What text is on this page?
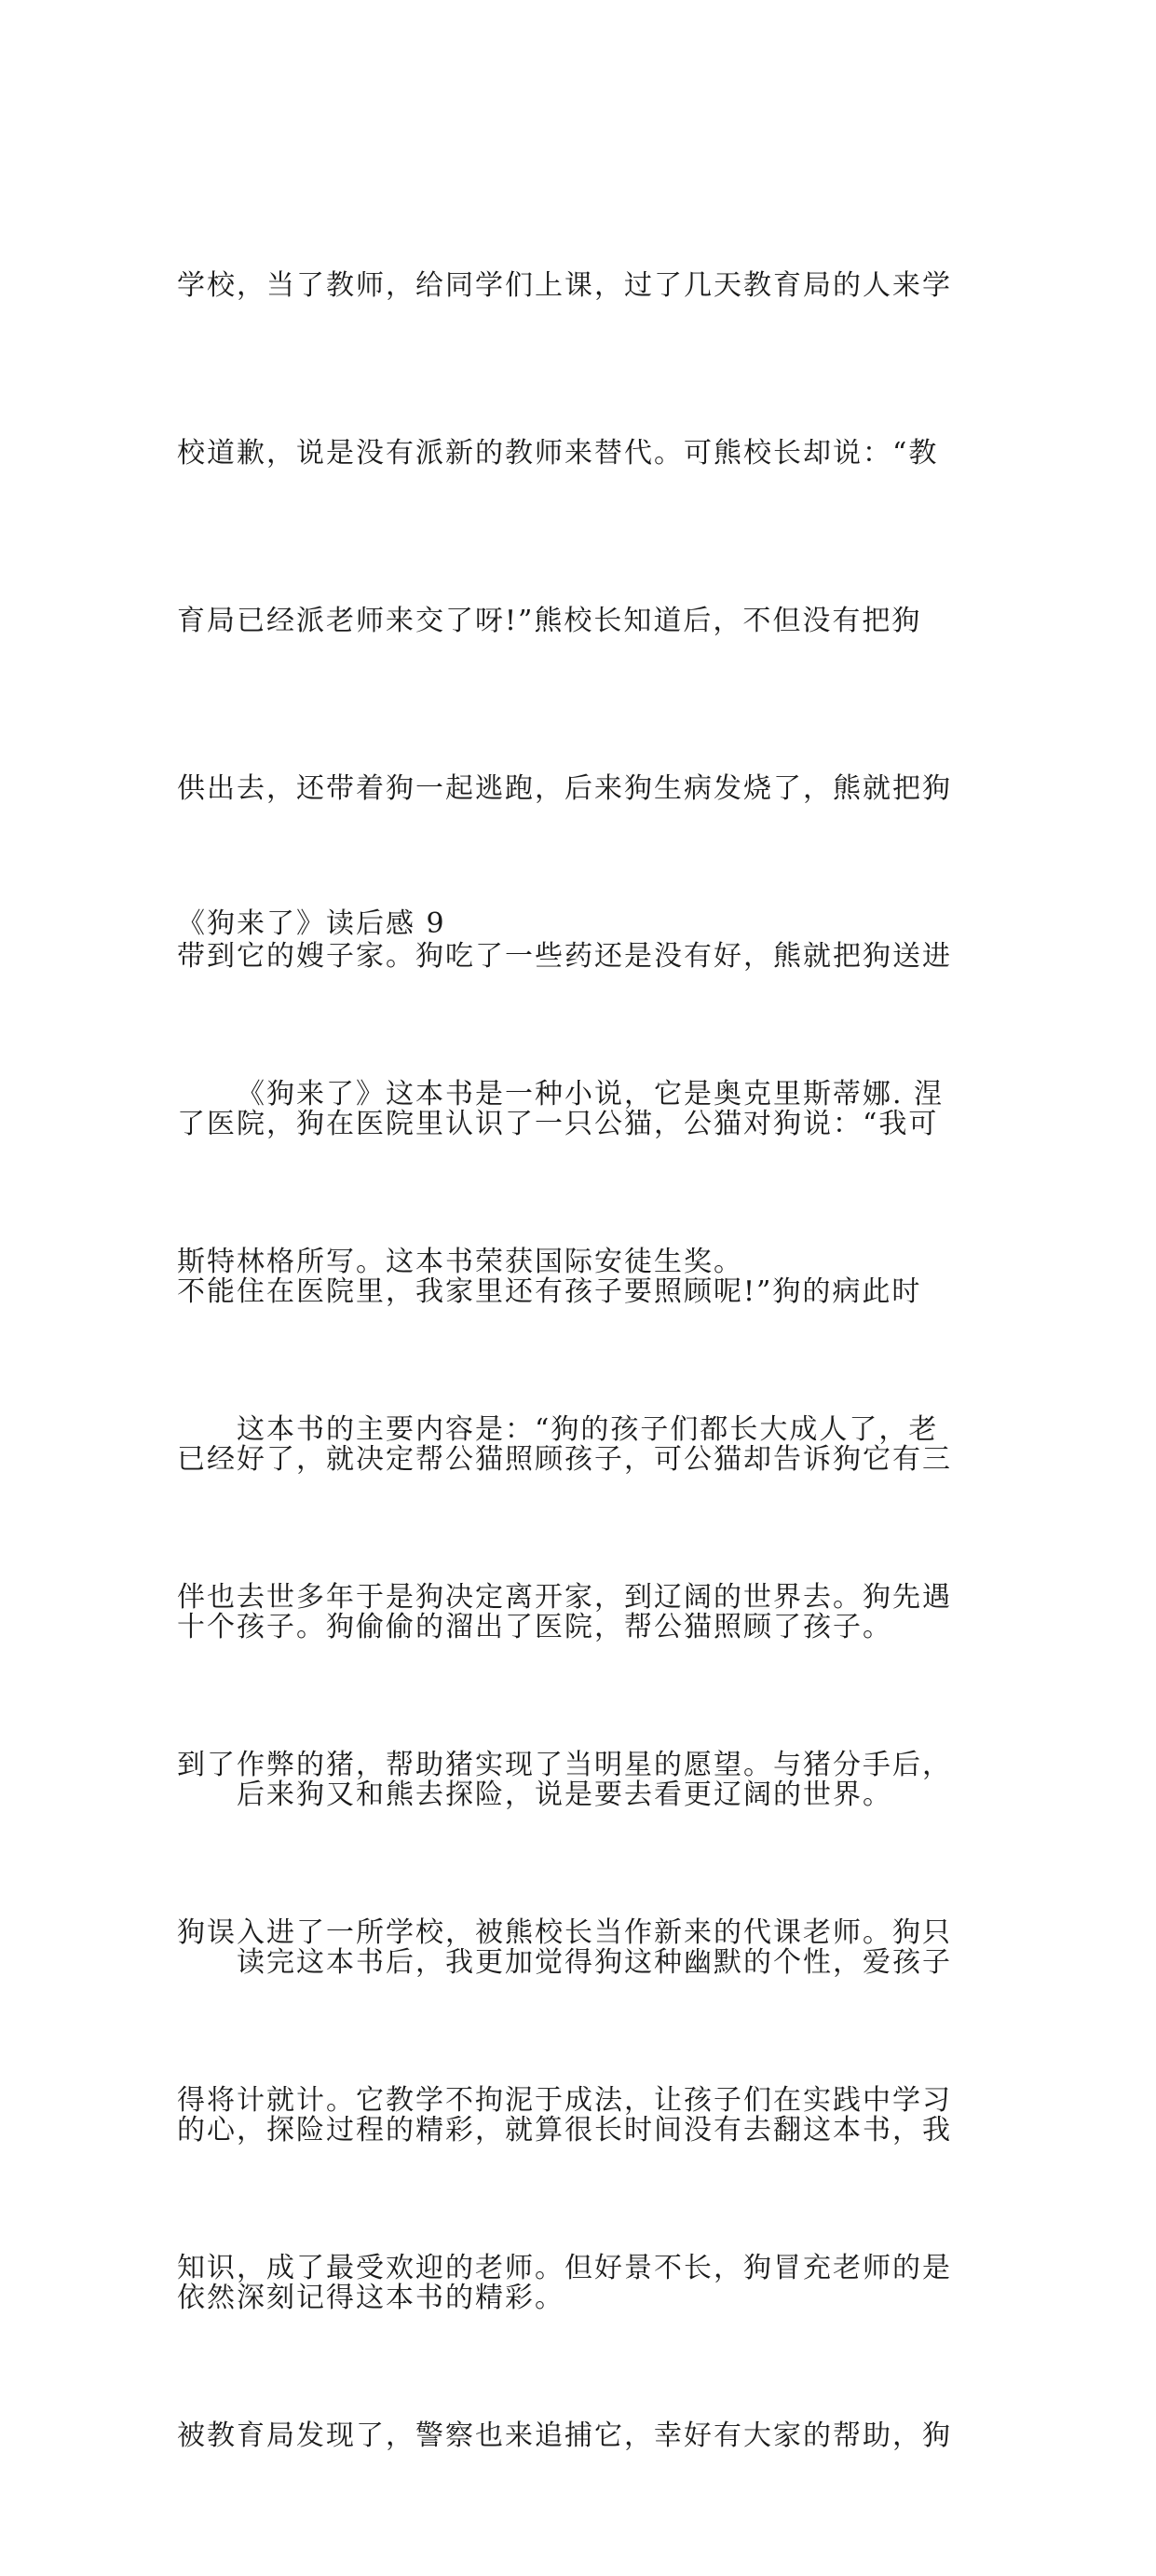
学校，当了教师，给同学们上课，过了几天教育局的人来学

校道歉，说是没有派新的教师来替代。可熊校长却说：“教

育局已经派老师来交了呀!”熊校长知道后，不但没有把狗

供出去，还带着狗一起逃跑，后来狗生病发烧了，熊就把狗

带到它的嫂子家。狗吃了一些药还是没有好，熊就把狗送进

了医院，狗在医院里认识了一只公猫，公猫对狗说：“我可

不能住在医院里，我家里还有孩子要照顾呢!”狗的病此时

已经好了，就决定帮公猫照顾孩子，可公猫却告诉狗它有三

十个孩子。狗偷偷的溜出了医院，帮公猫照顾了孩子。

后来狗又和熊去探险，说是要去看更辽阔的世界。

读完这本书后，我更加觉得狗这种幽默的个性，爱孩子

的心，探险过程的精彩，就算很长时间没有去翻这本书，我

依然深刻记得这本书的精彩。

《狗来了》读后感 9

《狗来了》这本书是一种小说，它是奥克里斯蒂娜. 涅

斯特林格所写。这本书荣获国际安徒生奖。

这本书的主要内容是：“狗的孩子们都长大成人了，老

伴也去世多年于是狗决定离开家，到辽阔的世界去。狗先遇

到了作弊的猪，帮助猪实现了当明星的愿望。与猪分手后，

狗误入进了一所学校，被熊校长当作新来的代课老师。狗只

得将计就计。它教学不拘泥于成法，让孩子们在实践中学习

知识，成了最受欢迎的老师。但好景不长，狗冒充老师的是

被教育局发现了，警察也来追捕它，幸好有大家的帮助，狗
